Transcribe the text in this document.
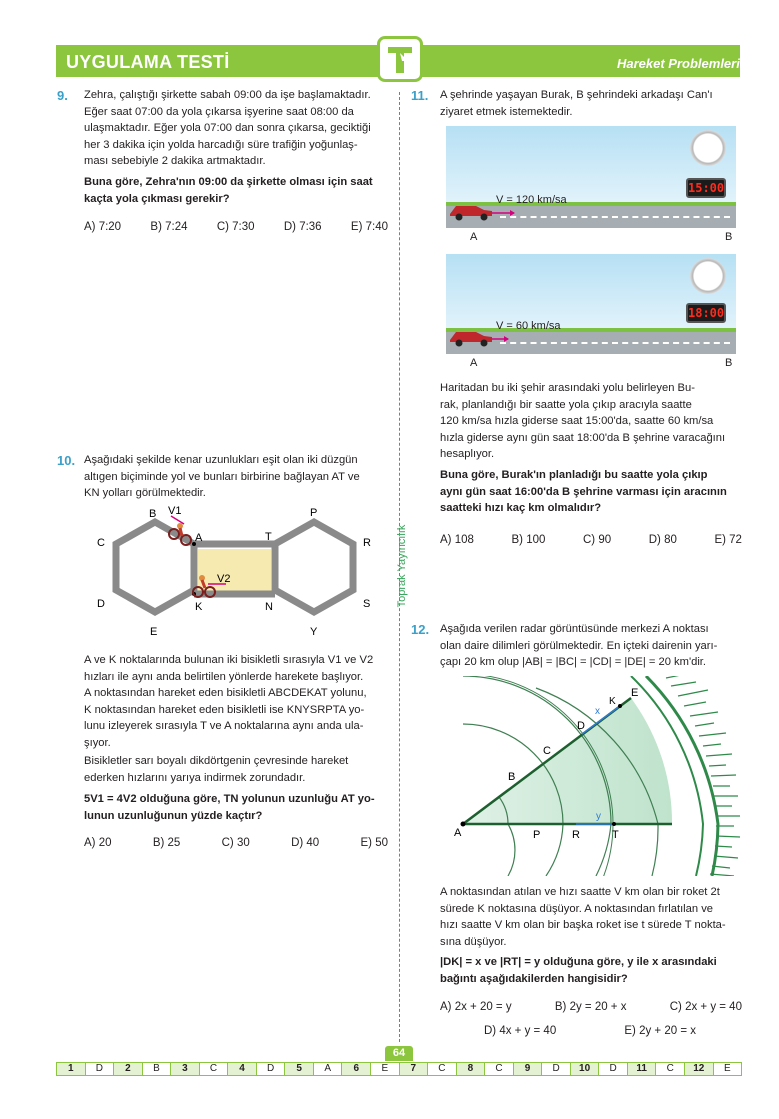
UYGULAMA TESTİ	Hareket Problemleri
Toprak Yayıncılık
9. Zehra, çalıştığı şirkette sabah 09:00 da işe başlamaktadır.
Eğer saat 07:00 da yola çıkarsa işyerine saat 08:00 da
ulaşmaktadır. Eğer yola 07:00 dan sonra çıkarsa, geciktiği
her 3 dakika için yolda harcadığı süre trafiğin yoğunlaş-
ması sebebiyle 2 dakika artmaktadır.
Buna göre, Zehra'nın 09:00 da şirkette olması için saat
kaçta yola çıkması gerekir?
A) 7:20	B) 7:24	C) 7:30	D) 7:36	E) 7:40
10. Aşağıdaki şekilde kenar uzunlukları eşit olan iki düzgün
altıgen biçiminde yol ve bunları birbirine bağlayan AT ve
KN yolları görülmektedir.
B V1
C
D
E
A
V2
K
T
N
P
R
S
Y
A ve K noktalarında bulunan iki bisikletli sırasıyla V1 ve V2
hızları ile aynı anda belirtilen yönlerde harekete başlıyor.
A noktasından hareket eden bisikletli ABCDEKAT yolunu,
K noktasından hareket eden bisikletli ise KNYSRPTA yo-
lunu izleyerek sırasıyla T ve A noktalarına aynı anda ula-
şıyor.
Bisikletler sarı boyalı dikdörtgenin çevresinde hareket
ederken hızlarını yarıya indirmek zorundadır.
5V1 = 4V2 olduğuna göre, TN yolunun uzunluğu AT yo-
lunun uzunluğunun yüzde kaçtır?
A) 20	B) 25	C) 30	D) 40	E) 50
11. A şehrinde yaşayan Burak, B şehrindeki arkadaşı Can'ı
ziyaret etmek istemektedir.
15:00
V = 120 km/sa
A	B
18:00
V = 60 km/sa
A	B
Haritadan bu iki şehir arasındaki yolu belirleyen Bu-
rak, planlandığı bir saatte yola çıkıp aracıyla saatte
120 km/sa hızla giderse saat 15:00'da, saatte 60 km/sa
hızla giderse aynı gün saat 18:00'da B şehrine varacağını
hesaplıyor.
Buna göre, Burak'ın planladığı bu saatte yola çıkıp
aynı gün saat 16:00'da B şehrine varması için aracının
saatteki hızı kaç km olmalıdır?
A) 108	B) 100	C) 90	D) 80	E) 72
12. Aşağıda verilen radar görüntüsünde merkezi A noktası
olan daire dilimleri görülmektedir. En içteki dairenin yarı-
çapı 20 km olup |AB| = |BC| = |CD| = |DE| = 20 km'dir.
A
B
C
D
E
K
x
P	R
y
T
A noktasından atılan ve hızı saatte V km olan bir roket 2t
sürede K noktasına düşüyor. A noktasından fırlatılan ve
hızı saatte V km olan bir başka roket ise t sürede T nokta-
sına düşüyor.
|DK| = x ve |RT| = y olduğuna göre, y ile x arasındaki
bağıntı aşağıdakilerden hangisidir?
A) 2x + 20 = y	B) 2y = 20 + x	C) 2x + y = 40
D) 4x + y = 40	E) 2y + 20 = x
64
1	D	2	B	3	C	4	D	5	A	6	E	7	C	8	C	9	D	10	D	11	C	12	E
